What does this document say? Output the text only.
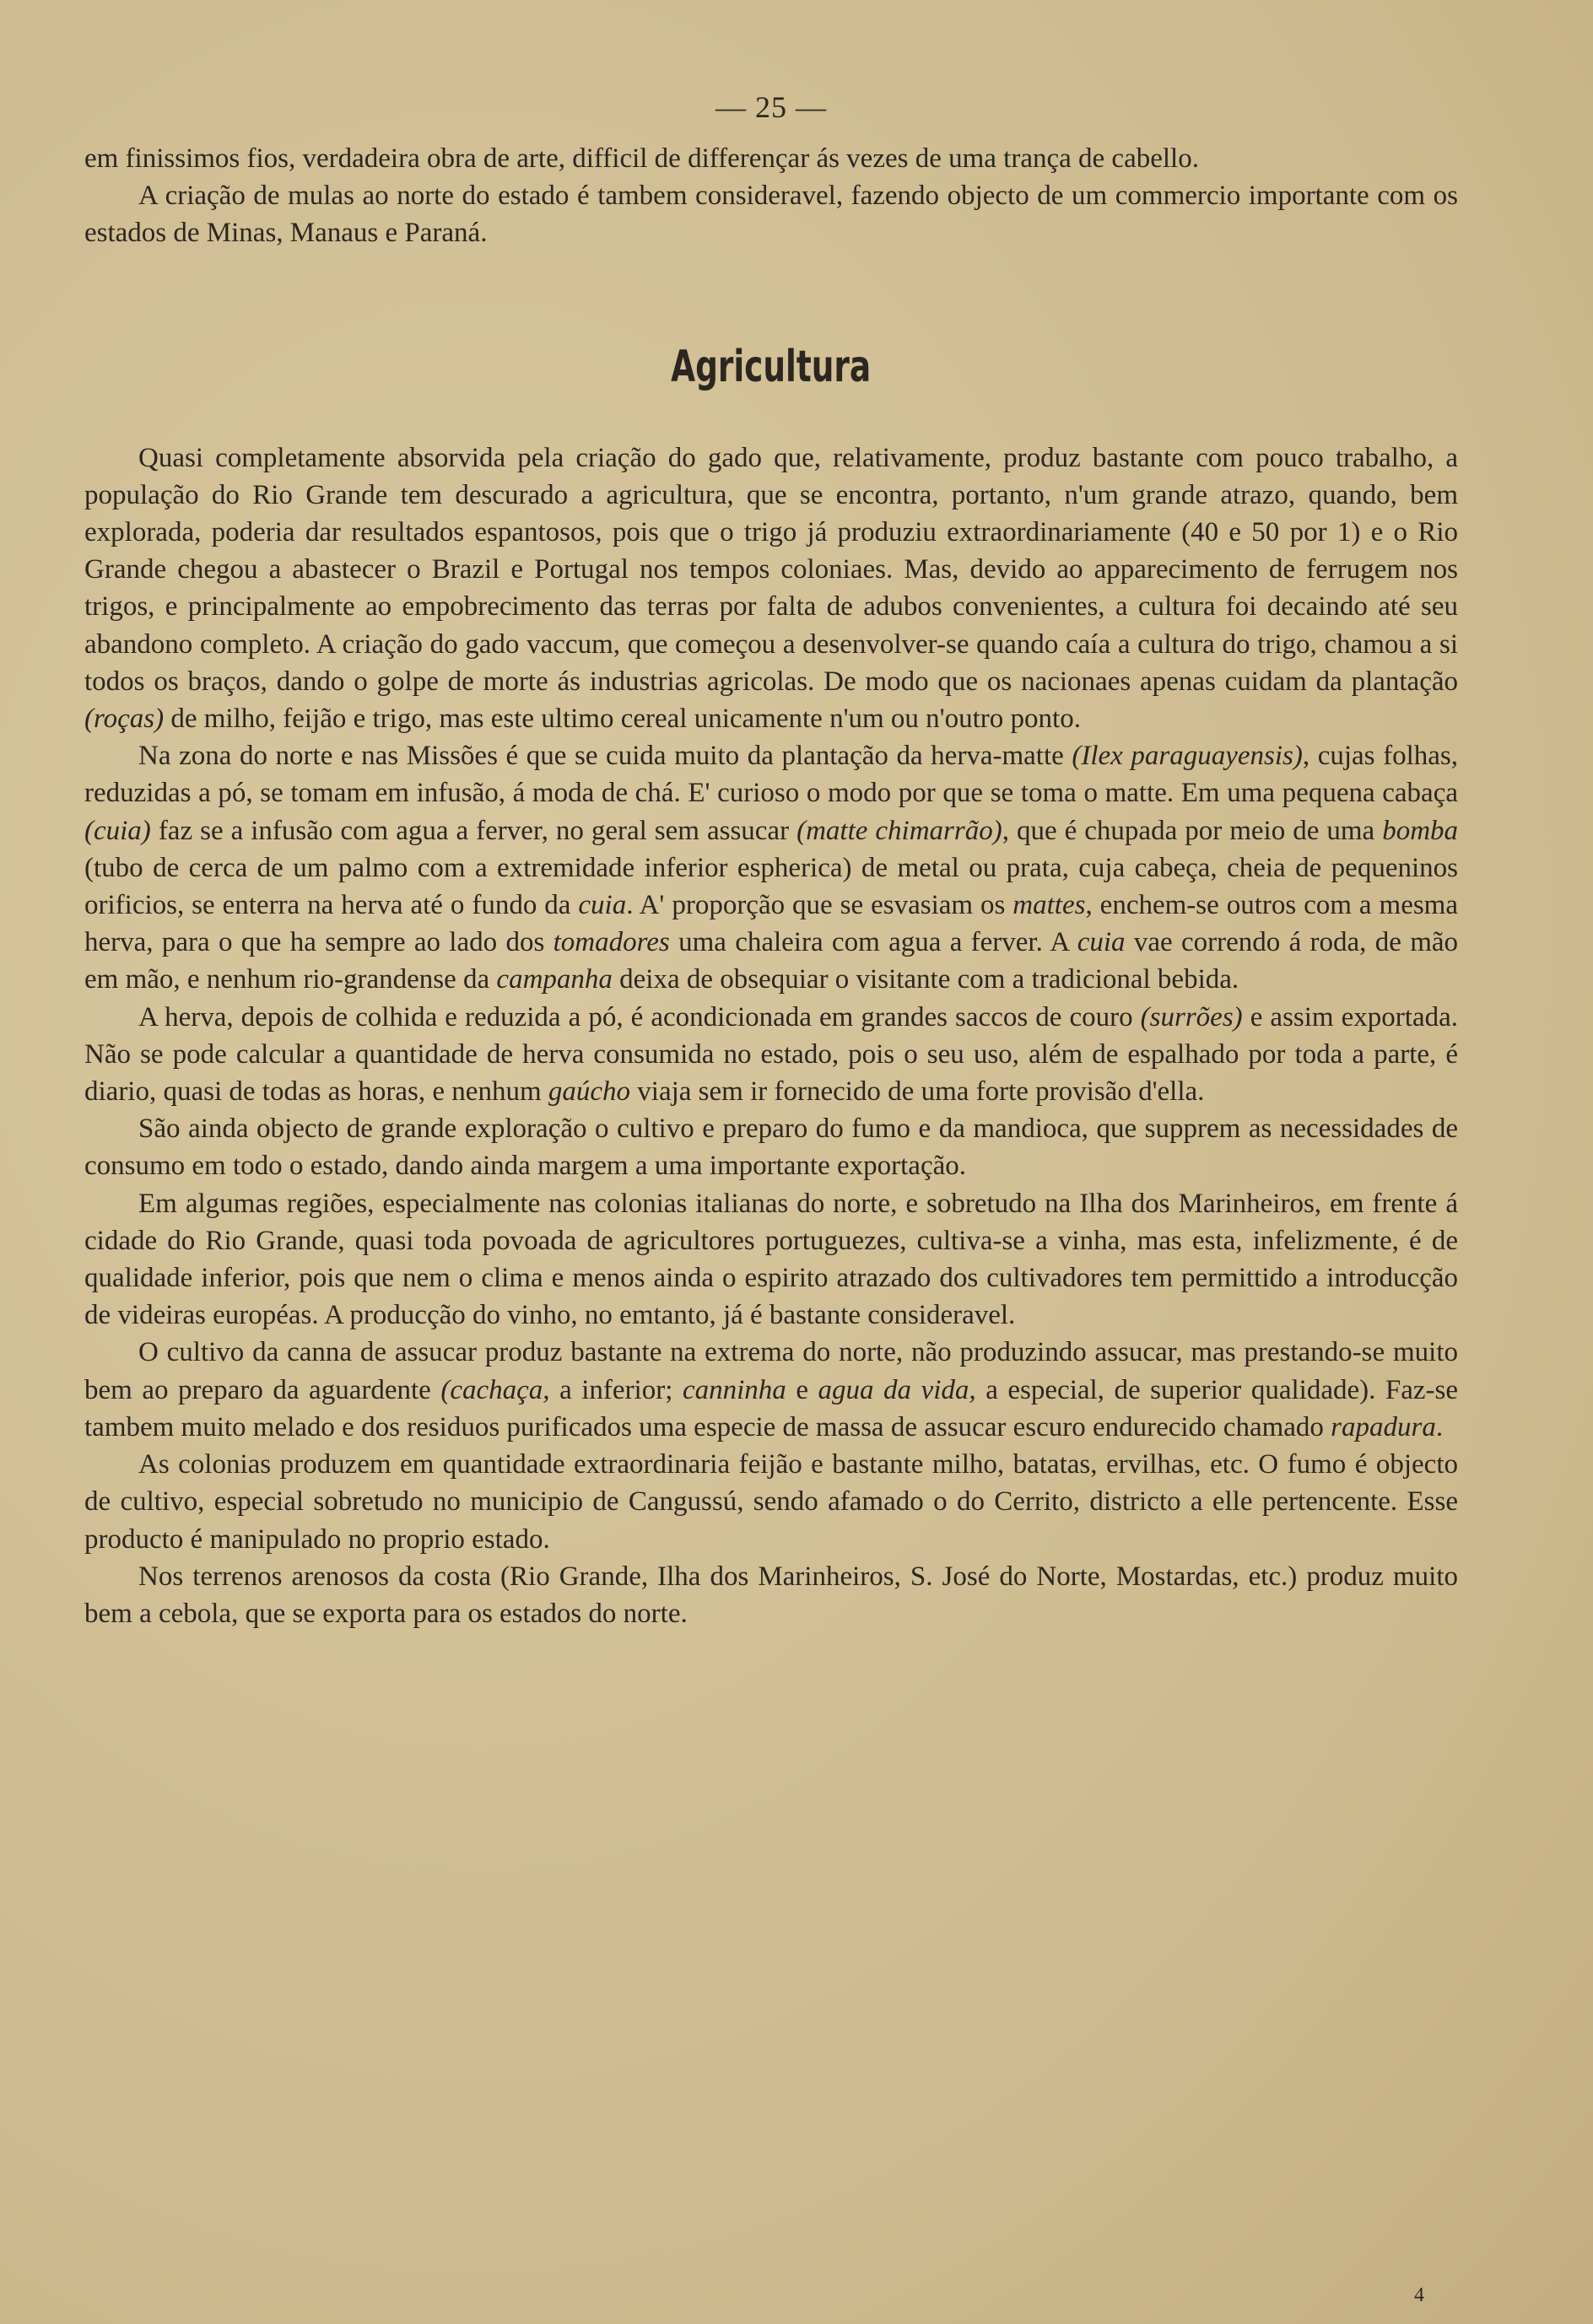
— 25 —

em finissimos fios, verdadeira obra de arte, difficil de differençar ás vezes de uma trança de cabello.

A criação de mulas ao norte do estado é tambem consideravel, fazendo objecto de um commercio importante com os estados de Minas, Manaus e Paraná.

Agricultura

Quasi completamente absorvida pela criação do gado que, relativamente, produz bastante com pouco trabalho, a população do Rio Grande tem descurado a agricultura, que se encontra, portanto, n'um grande atrazo, quando, bem explorada, poderia dar resultados espantosos, pois que o trigo já produziu extraordinariamente (40 e 50 por 1) e o Rio Grande chegou a abastecer o Brazil e Portugal nos tempos coloniaes. Mas, devido ao apparecimento de ferrugem nos trigos, e principalmente ao empobrecimento das terras por falta de adubos convenientes, a cultura foi decaindo até seu abandono completo. A criação do gado vaccum, que começou a desenvolver-se quando caía a cultura do trigo, chamou a si todos os braços, dando o golpe de morte ás industrias agricolas. De modo que os nacionaes apenas cuidam da plantação (roças) de milho, feijão e trigo, mas este ultimo cereal unicamente n'um ou n'outro ponto.

Na zona do norte e nas Missões é que se cuida muito da plantação da herva-matte (Ilex paraguayensis), cujas folhas, reduzidas a pó, se tomam em infusão, á moda de chá. E' curioso o modo por que se toma o matte. Em uma pequena cabaça (cuia) faz se a infusão com agua a ferver, no geral sem assucar (matte chimarrão), que é chupada por meio de uma bomba (tubo de cerca de um palmo com a extremidade inferior espherica) de metal ou prata, cuja cabeça, cheia de pequeninos orificios, se enterra na herva até o fundo da cuia. A' proporção que se esvasiam os mattes, enchem-se outros com a mesma herva, para o que ha sempre ao lado dos tomadores uma chaleira com agua a ferver. A cuia vae correndo á roda, de mão em mão, e nenhum rio-grandense da campanha deixa de obsequiar o visitante com a tradicional bebida.

A herva, depois de colhida e reduzida a pó, é acondicionada em grandes saccos de couro (surrões) e assim exportada. Não se pode calcular a quantidade de herva consumida no estado, pois o seu uso, além de espalhado por toda a parte, é diario, quasi de todas as horas, e nenhum gaúcho viaja sem ir fornecido de uma forte provisão d'ella.

São ainda objecto de grande exploração o cultivo e preparo do fumo e da mandioca, que supprem as necessidades de consumo em todo o estado, dando ainda margem a uma importante exportação.

Em algumas regiões, especialmente nas colonias italianas do norte, e sobretudo na Ilha dos Marinheiros, em frente á cidade do Rio Grande, quasi toda povoada de agricultores portuguezes, cultiva-se a vinha, mas esta, infelizmente, é de qualidade inferior, pois que nem o clima e menos ainda o espirito atrazado dos cultivadores tem permittido a introducção de videiras européas. A producção do vinho, no emtanto, já é bastante consideravel.

O cultivo da canna de assucar produz bastante na extrema do norte, não produzindo assucar, mas prestando-se muito bem ao preparo da aguardente (cachaça, a inferior; canninha e agua da vida, a especial, de superior qualidade). Faz-se tambem muito melado e dos residuos purificados uma especie de massa de assucar escuro endurecido chamado rapadura.

As colonias produzem em quantidade extraordinaria feijão e bastante milho, batatas, ervilhas, etc. O fumo é objecto de cultivo, especial sobretudo no municipio de Cangussú, sendo afamado o do Cerrito, districto a elle pertencente. Esse producto é manipulado no proprio estado.

Nos terrenos arenosos da costa (Rio Grande, Ilha dos Marinheiros, S. José do Norte, Mostardas, etc.) produz muito bem a cebola, que se exporta para os estados do norte.

4
